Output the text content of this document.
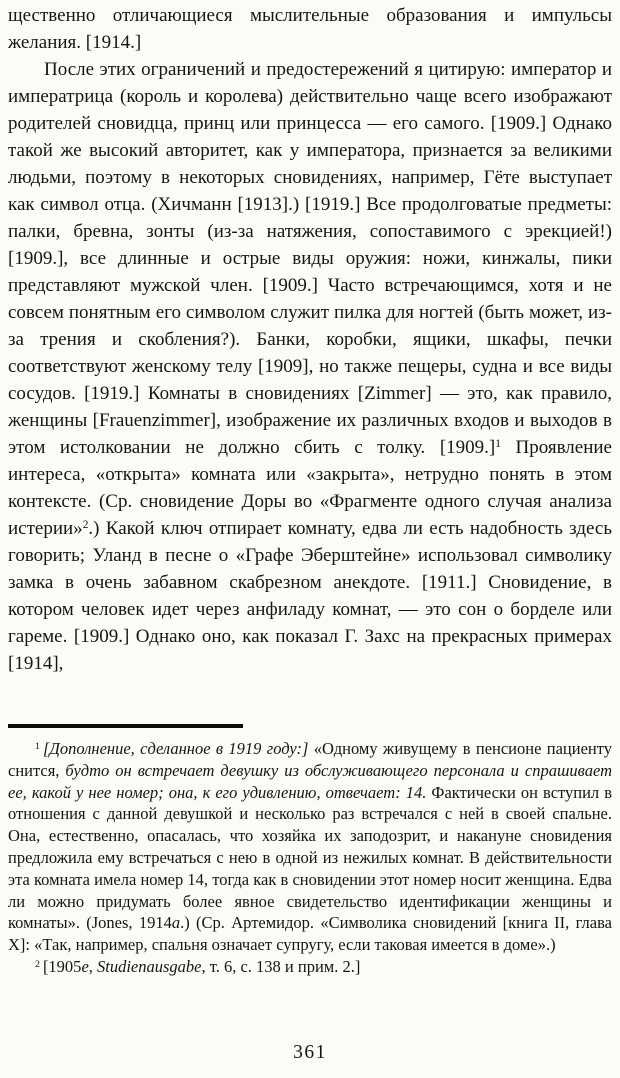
щественно отличающиеся мыслительные образования и импульсы желания. [1914.]

После этих ограничений и предостережений я цитирую: император и императрица (король и королева) действительно чаще всего изображают родителей сновидца, принц или принцесса — его самого. [1909.] Однако такой же высокий авторитет, как у императора, признается за великими людьми, поэтому в некоторых сновидениях, например, Гёте выступает как символ отца. (Хичманн [1913].) [1919.] Все продолговатые предметы: палки, бревна, зонты (из-за натяжения, сопоставимого с эрекцией!) [1909.], все длинные и острые виды оружия: ножи, кинжалы, пики представляют мужской член. [1909.] Часто встречающимся, хотя и не совсем понятным его символом служит пилка для ногтей (быть может, из-за трения и скобления?). Банки, коробки, ящики, шкафы, печки соответствуют женскому телу [1909], но также пещеры, судна и все виды сосудов. [1919.] Комнаты в сновидениях [Zimmer] — это, как правило, женщины [Frauenzimmer], изображение их различных входов и выходов в этом истолковании не должно сбить с толку. [1909.]$^1$ Проявление интереса, «открыта» комната или «закрыта», нетрудно понять в этом контексте. (Ср. сновидение Доры во «Фрагменте одного случая анализа истерии»$^2$.) Какой ключ отпирает комнату, едва ли есть надобность здесь говорить; Уланд в песне о «Графе Эберштейне» использовал символику замка в очень забавном скабрезном анекдоте. [1911.] Сновидение, в котором человек идет через анфиладу комнат, — это сон о борделе или гареме. [1909.] Однако оно, как показал Г. Захс на прекрасных примерах [1914],

$^1$ [Дополнение, сделанное в 1919 году:] «Одному живущему в пенсионе пациенту снится, будто он встречает девушку из обслуживающего персонала и спрашивает ее, какой у нее номер; она, к его удивлению, отвечает: 14. Фактически он вступил в отношения с данной девушкой и несколько раз встречался с ней в своей спальне. Она, естественно, опасалась, что хозяйка их заподозрит, и накануне сновидения предложила ему встречаться с нею в одной из нежилых комнат. В действительности эта комната имела номер 14, тогда как в сновидении этот номер носит женщина. Едва ли можно придумать более явное свидетельство идентификации женщины и комнаты». (Jones, 1914а.) (Ср. Артемидор. «Символика сновидений [книга II, глава X]: «Так, например, спальня означает супругу, если таковая имеется в доме».)

$^2$ [1905е, Studienausgabe, т. 6, с. 138 и прим. 2.]

361
